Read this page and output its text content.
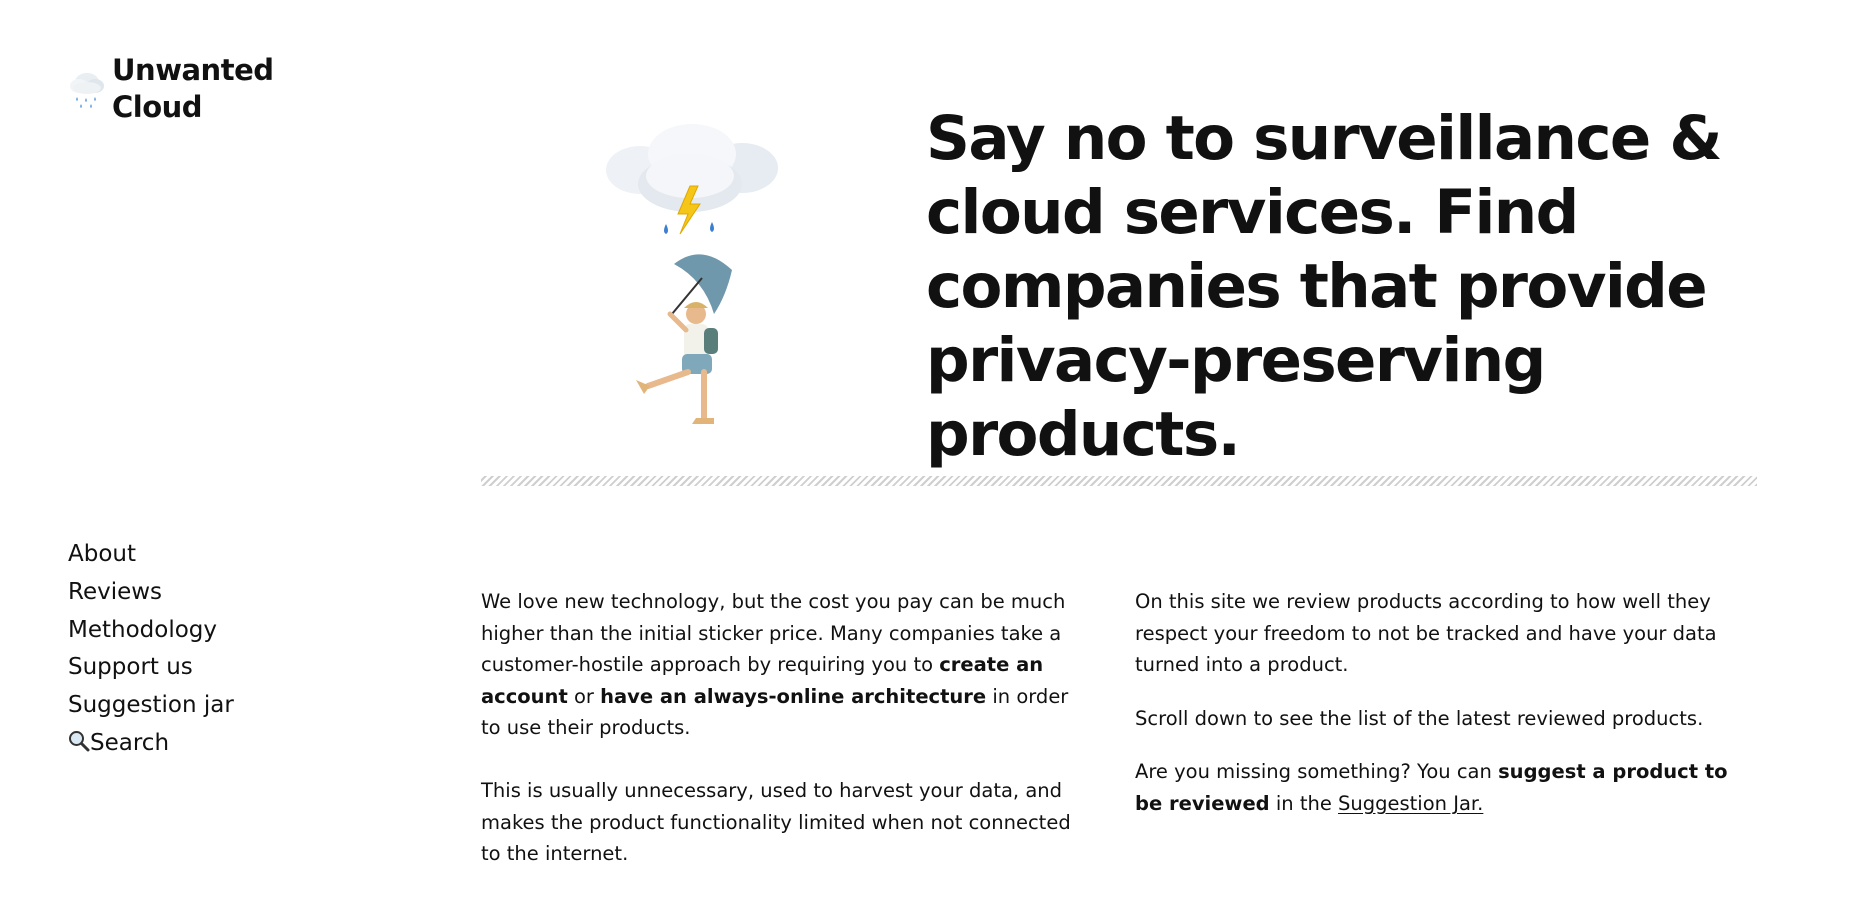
Unwanted
Cloud
About
Reviews
Methodology
Support us
Suggestion jar
Search
Say no to surveillance & cloud services. Find companies that provide privacy-preserving products.

We love new technology, but the cost you pay can be much higher than the initial sticker price. Many companies take a customer-hostile approach by requiring you to create an account or have an always-online architecture in order to use their products.

This is usually unnecessary, used to harvest your data, and makes the product functionality limited when not connected to the internet.

On this site we review products according to how well they respect your freedom to not be tracked and have your data turned into a product.

Scroll down to see the list of the latest reviewed products.

Are you missing something? You can suggest a product to be reviewed in the Suggestion Jar.
